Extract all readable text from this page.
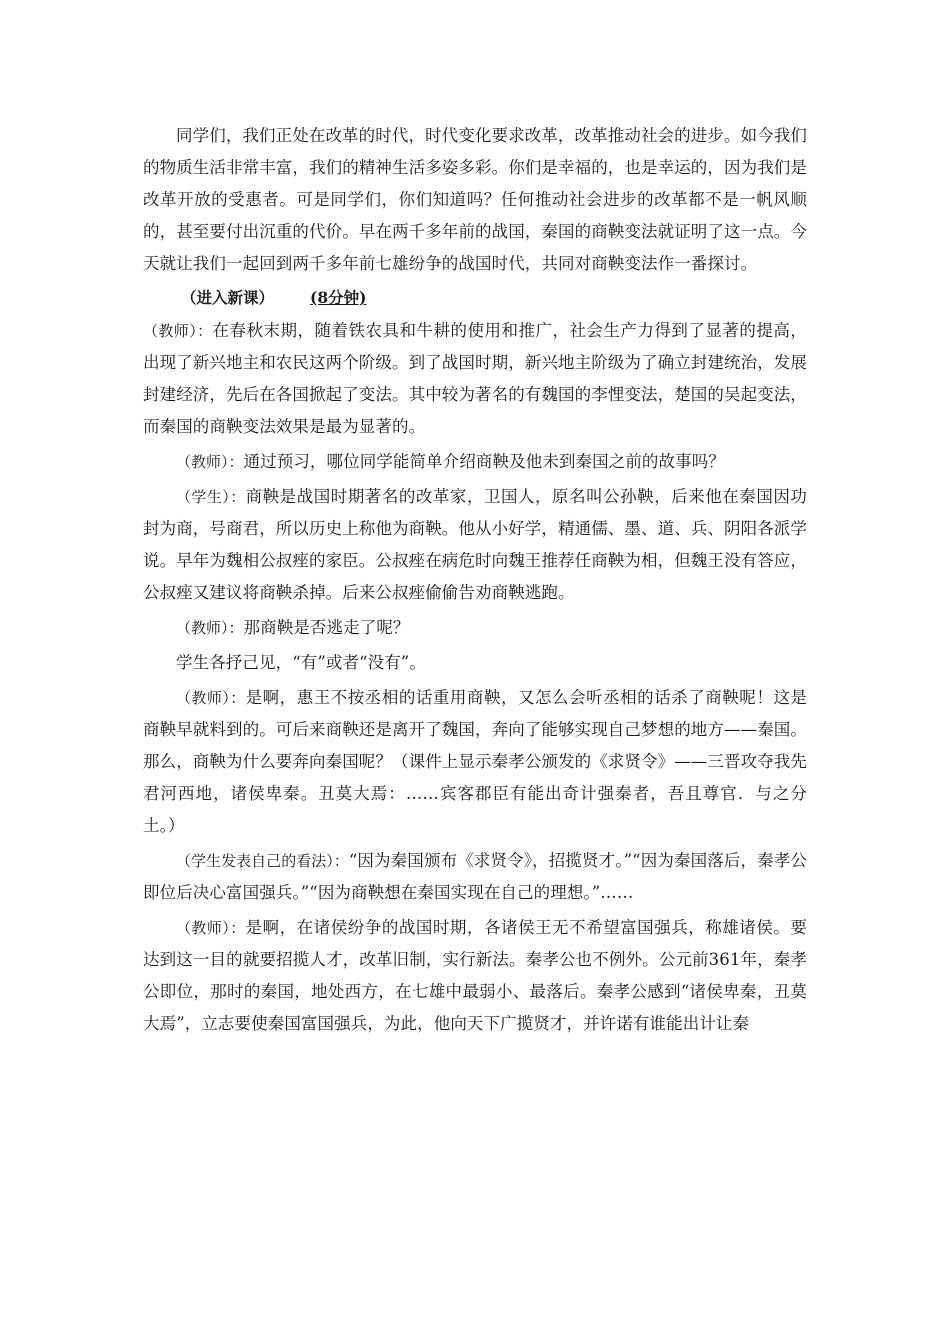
同学们，我们正处在改革的时代，时代变化要求改革，改革推动社会的进步。如今我们的物质生活非常丰富，我们的精神生活多姿多彩。你们是幸福的，也是幸运的，因为我们是改革开放的受惠者。可是同学们，你们知道吗？任何推动社会进步的改革都不是一帆风顺的，甚至要付出沉重的代价。早在两千多年前的战国，秦国的商鞅变法就证明了这一点。今天就让我们一起回到两千多年前七雄纷争的战国时代，共同对商鞅变法作一番探讨。

（进入新课） (8分钟)

（教师）：在春秋末期，随着铁农具和牛耕的使用和推广，社会生产力得到了显著的提高，出现了新兴地主和农民这两个阶级。到了战国时期，新兴地主阶级为了确立封建统治，发展封建经济，先后在各国掀起了变法。其中较为著名的有魏国的李悝变法，楚国的吴起变法，而秦国的商鞅变法效果是最为显著的。

（教师）：通过预习，哪位同学能简单介绍商鞅及他未到秦国之前的故事吗？

（学生）：商鞅是战国时期著名的改革家，卫国人，原名叫公孙鞅，后来他在秦国因功封为商，号商君，所以历史上称他为商鞅。他从小好学，精通儒、墨、道、兵、阴阳各派学说。早年为魏相公叔痤的家臣。公叔痤在病危时向魏王推荐任商鞅为相，但魏王没有答应，公叔痤又建议将商鞅杀掉。后来公叔痤偷偷告劝商鞅逃跑。

（教师）：那商鞅是否逃走了呢？

学生各抒己见，“有”或者“没有”。

（教师）：是啊，惠王不按丞相的话重用商鞅，又怎么会听丞相的话杀了商鞅呢！这是商鞅早就料到的。可后来商鞅还是离开了魏国，奔向了能够实现自己梦想的地方——秦国。那么，商鞅为什么要奔向秦国呢？（课件上显示秦孝公颁发的《求贤令》——三晋攻夺我先君河西地，诸侯卑秦。丑莫大焉：……宾客郡臣有能出奇计强秦者，吾且尊官．与之分土。）

（学生发表自己的看法）：“因为秦国颁布《求贤令》，招揽贤才。”“因为秦国落后，秦孝公即位后决心富国强兵。”“因为商鞅想在秦国实现在自己的理想。”……

（教师）：是啊，在诸侯纷争的战国时期，各诸侯王无不希望富国强兵，称雄诸侯。要达到这一目的就要招揽人才，改革旧制，实行新法。秦孝公也不例外。公元前361年，秦孝公即位，那时的秦国，地处西方，在七雄中最弱小、最落后。秦孝公感到“诸侯卑秦，丑莫大焉”，立志要使秦国富国强兵，为此，他向天下广揽贤才，并许诺有谁能出计让秦
